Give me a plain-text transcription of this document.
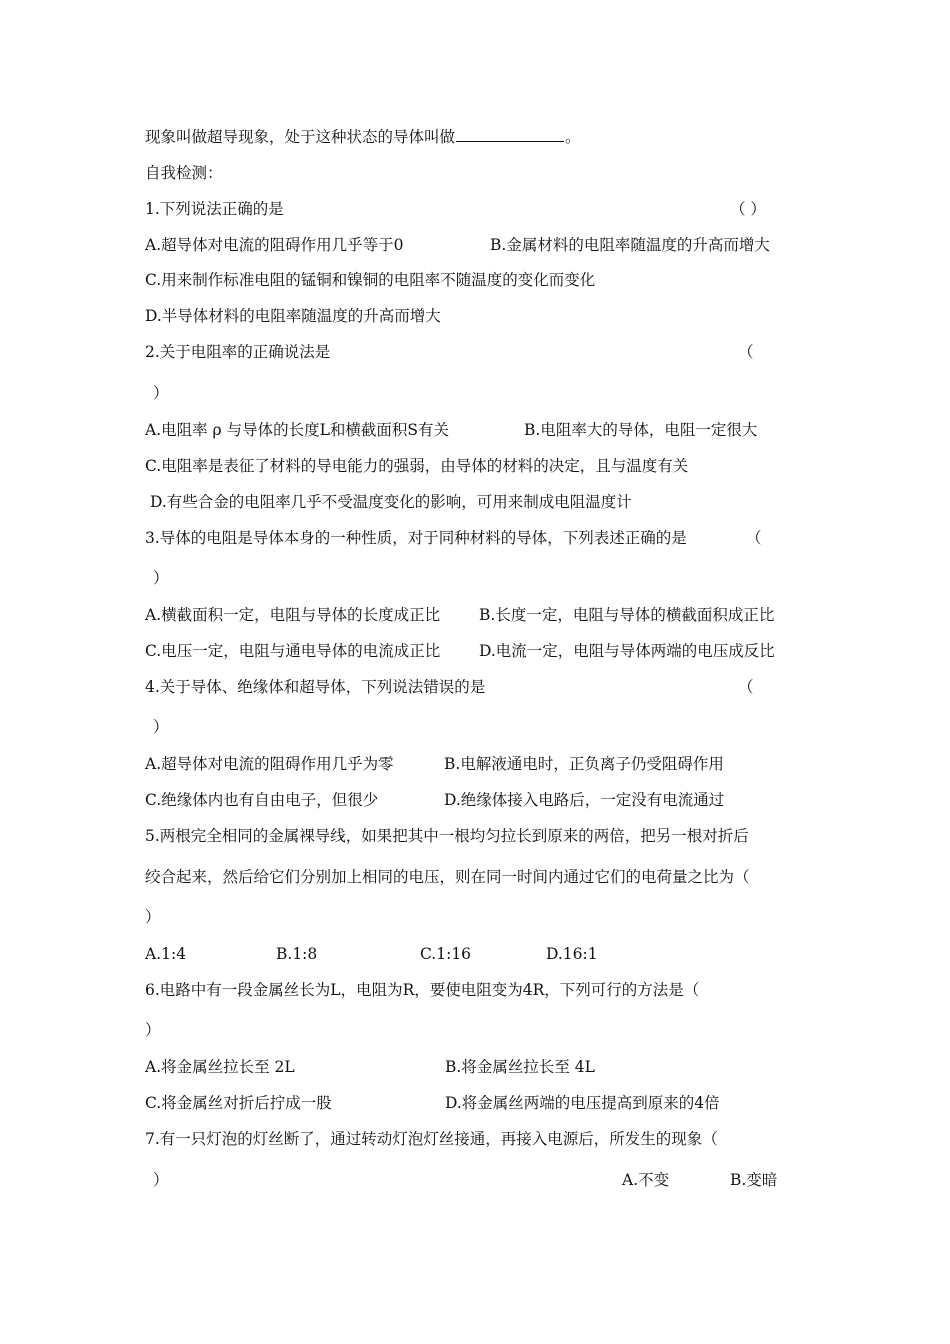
现象叫做超导现象，处于这种状态的导体叫做	。
自我检测：
1.下列说法正确的是	（ ）
A.超导体对电流的阻碍作用几乎等于0	B.金属材料的电阻率随温度的升高而增大
C.用来制作标准电阻的锰铜和镍铜的电阻率不随温度的变化而变化
D.半导体材料的电阻率随温度的升高而增大
2.关于电阻率的正确说法是	（
）
A.电阻率 ρ 与导体的长度L和横截面积S有关	B.电阻率大的导体，电阻一定很大
C.电阻率是表征了材料的导电能力的强弱，由导体的材料的决定，且与温度有关
D.有些合金的电阻率几乎不受温度变化的影响，可用来制成电阻温度计
3.导体的电阻是导体本身的一种性质，对于同种材料的导体，下列表述正确的是	（
）
A.横截面积一定，电阻与导体的长度成正比	B.长度一定，电阻与导体的横截面积成正比
C.电压一定，电阻与通电导体的电流成正比	D.电流一定，电阻与导体两端的电压成反比
4.关于导体、绝缘体和超导体，下列说法错误的是	（
）
A.超导体对电流的阻碍作用几乎为零	B.电解液通电时，正负离子仍受阻碍作用
C.绝缘体内也有自由电子，但很少	D.绝缘体接入电路后，一定没有电流通过
5.两根完全相同的金属裸导线，如果把其中一根均匀拉长到原来的两倍，把另一根对折后
绞合起来，然后给它们分别加上相同的电压，则在同一时间内通过它们的电荷量之比为（
）
A.1:4	B.1:8	C.1:16	D.16:1
6.电路中有一段金属丝长为L，电阻为R，要使电阻变为4R，下列可行的方法是（
）
A.将金属丝拉长至 2L	B.将金属丝拉长至 4L
C.将金属丝对折后拧成一股	D.将金属丝两端的电压提高到原来的4倍
7.有一只灯泡的灯丝断了，通过转动灯泡灯丝接通，再接入电源后，所发生的现象（
）	A.不变	B.变暗
